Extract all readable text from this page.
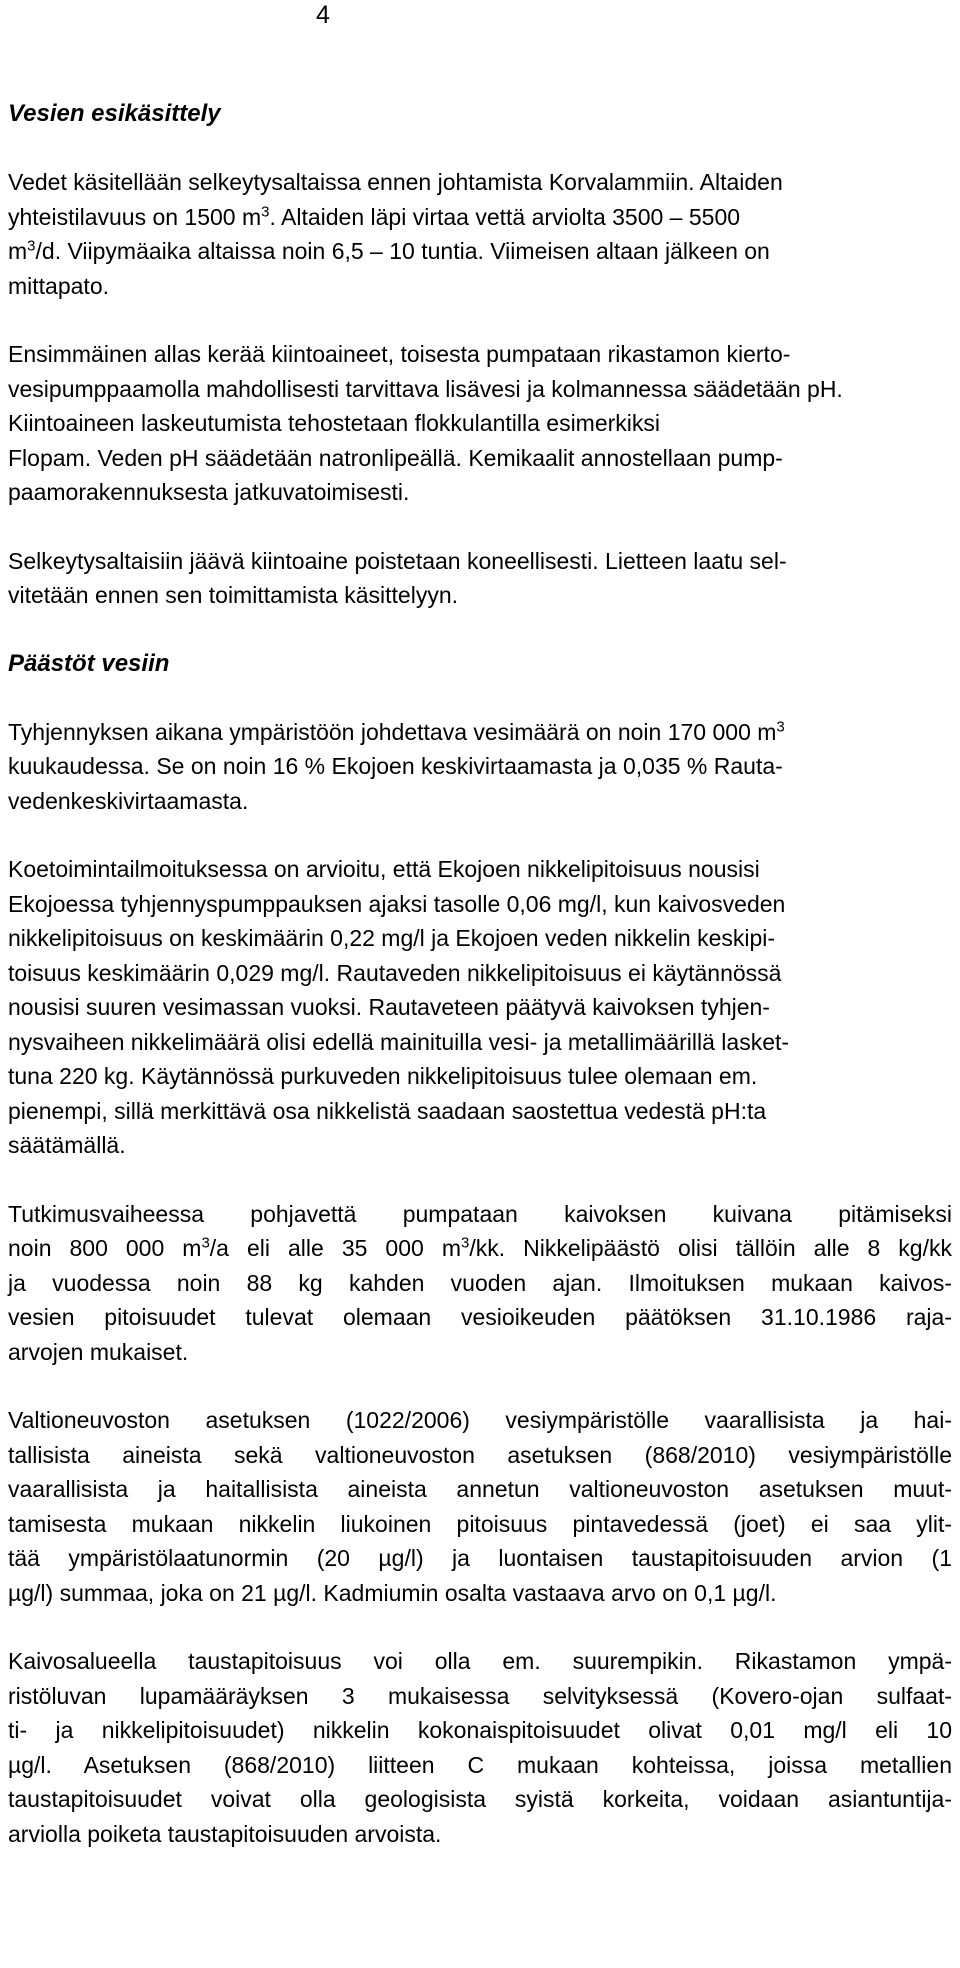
4
Vesien esikäsittely

Vedet käsitellään selkeytysaltaissa ennen johtamista Korvalammiin. Altaiden
yhteistilavuus on 1500 $m^3$. Altaiden läpi virtaa vettä arviolta 3500 – 5500
$m^3/d$. Viipymäaika altaissa noin 6,5 – 10 tuntia. Viimeisen altaan jälkeen on
mittapato.

Ensimmäinen allas kerää kiintoaineet, toisesta pumpataan rikastamon kierto-
vesipumppaamolla mahdollisesti tarvittava lisävesi ja kolmannessa säädetään pH.
Kiintoaineen laskeutumista tehostetaan flokkulantilla esimerkiksi
Flopam. Veden pH säädetään natronlipeällä. Kemikaalit annostellaan pump-
paamorakennuksesta jatkuvatoimisesti.

Selkeytysaltaisiin jäävä kiintoaine poistetaan koneellisesti. Lietteen laatu sel-
vitetään ennen sen toimittamista käsittelyyn.

Päästöt vesiin

Tyhjennyksen aikana ympäristöön johdettava vesimäärä on noin 170 000 $m^3$
kuukaudessa. Se on noin 16 % Ekojoen keskivirtaamasta ja 0,035 % Rauta-
vedenkeskivirtaamasta.

Koetoimintailmoituksessa on arvioitu, että Ekojoen nikkelipitoisuus nousisi
Ekojoessa tyhjennyspumppauksen ajaksi tasolle 0,06 mg/l, kun kaivosveden
nikkelipitoisuus on keskimäärin 0,22 mg/l ja Ekojoen veden nikkelin keskipi-
toisuus keskimäärin 0,029 mg/l. Rautaveden nikkelipitoisuus ei käytännössä
nousisi suuren vesimassan vuoksi. Rautaveteen päätyvä kaivoksen tyhjen-
nysvaiheen nikkelimäärä olisi edellä mainituilla vesi- ja metallimäärillä lasket-
tuna 220 kg. Käytännössä purkuveden nikkelipitoisuus tulee olemaan em.
pienempi, sillä merkittävä osa nikkelistä saadaan saostettua vedestä pH:ta
säätämällä.

Tutkimusvaiheessa pohjavettä pumpataan kaivoksen kuivana pitämiseksi
noin 800 000 $m^3/a$ eli alle 35 000 $m^3/kk$. Nikkelipäästö olisi tällöin alle 8 kg/kk
ja vuodessa noin 88 kg kahden vuoden ajan. Ilmoituksen mukaan kaivos-
vesien pitoisuudet tulevat olemaan vesioikeuden päätöksen 31.10.1986 raja-
arvojen mukaiset.

Valtioneuvoston asetuksen (1022/2006) vesiympäristölle vaarallisista ja hai-
tallisista aineista sekä valtioneuvoston asetuksen (868/2010) vesiympäristölle
vaarallisista ja haitallisista aineista annetun valtioneuvoston asetuksen muut-
tamisesta mukaan nikkelin liukoinen pitoisuus pintavedessä (joet) ei saa ylit-
tää ympäristölaatunormin (20 µg/l) ja luontaisen taustapitoisuuden arvion (1
µg/l) summaa, joka on 21 µg/l. Kadmiumin osalta vastaava arvo on 0,1 µg/l.

Kaivosalueella taustapitoisuus voi olla em. suurempikin. Rikastamon ympä-
ristöluvan lupamääräyksen 3 mukaisessa selvityksessä (Kovero-ojan sulfaat-
ti- ja nikkelipitoisuudet) nikkelin kokonaispitoisuudet olivat 0,01 mg/l eli 10
µg/l. Asetuksen (868/2010) liitteen C mukaan kohteissa, joissa metallien
taustapitoisuudet voivat olla geologisista syistä korkeita, voidaan asiantuntija-
arviolla poiketa taustapitoisuuden arvoista.
